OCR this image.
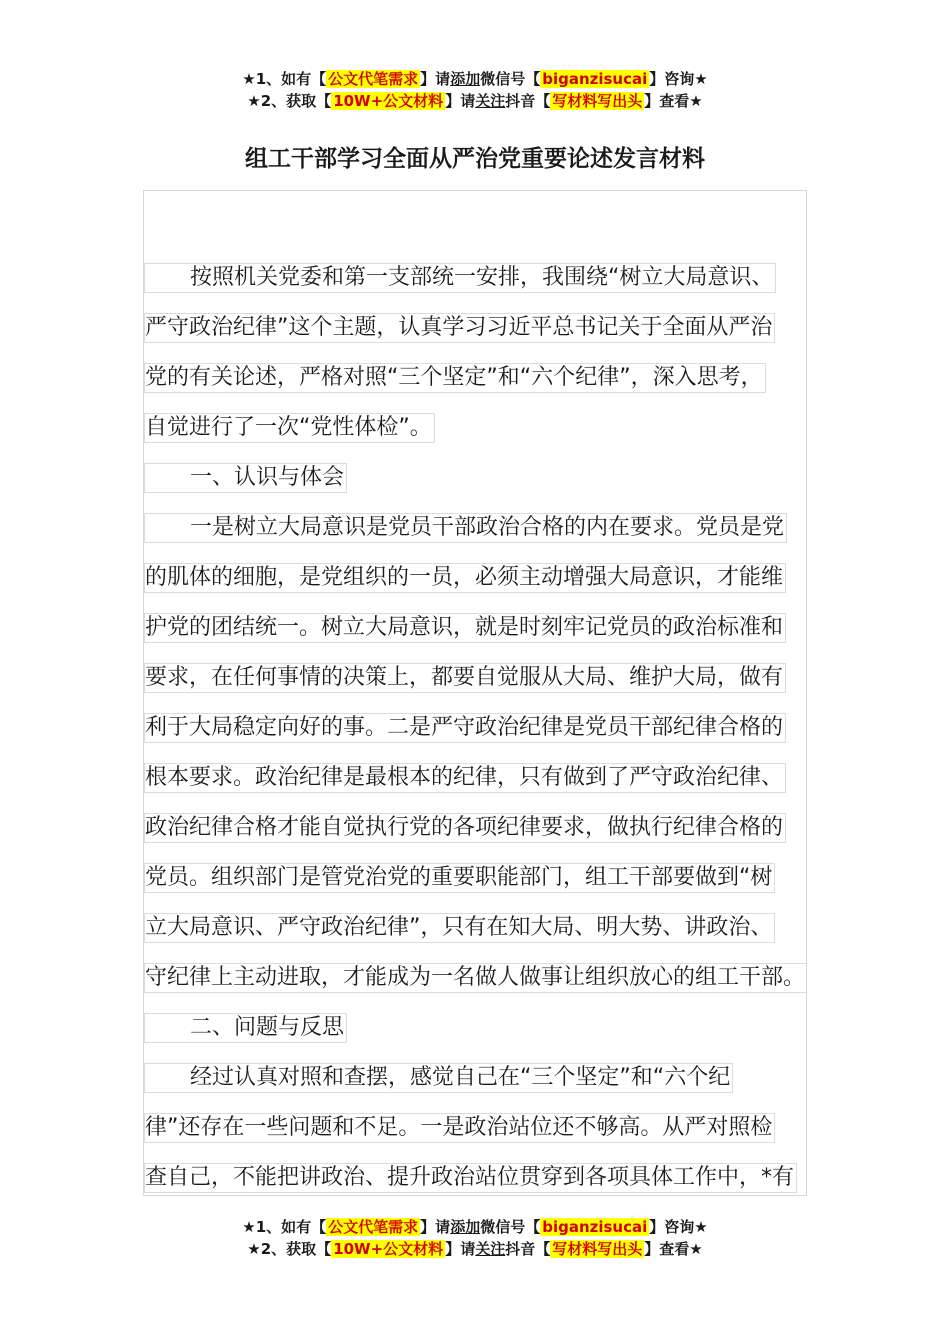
★1、如有【 公文代笔需求 】请添加微信号【 biganzisucai 】咨询★
★2、获取【 10W+公文材料 】请关注抖音【 写材料写出头 】查看★
组工干部学习全面从严治党重要论述发言材料
按照机关党委和第一支部统一安排，我围绕“树立大局意识、
严守政治纪律”这个主题，认真学习习近平总书记关于全面从严治
党的有关论述，严格对照“三个坚定”和“六个纪律”，深入思考，
自觉进行了一次“党性体检”。
一、认识与体会
一是树立大局意识是党员干部政治合格的内在要求。党员是党
的肌体的细胞，是党组织的一员，必须主动增强大局意识，才能维
护党的团结统一。树立大局意识，就是时刻牢记党员的政治标准和
要求，在任何事情的决策上，都要自觉服从大局、维护大局，做有
利于大局稳定向好的事。二是严守政治纪律是党员干部纪律合格的
根本要求。政治纪律是最根本的纪律，只有做到了严守政治纪律、
政治纪律合格才能自觉执行党的各项纪律要求，做执行纪律合格的
党员。组织部门是管党治党的重要职能部门，组工干部要做到“树
立大局意识、严守政治纪律”，只有在知大局、明大势、讲政治、
守纪律上主动进取，才能成为一名做人做事让组织放心的组工干部。
二、问题与反思
经过认真对照和查摆，感觉自己在“三个坚定”和“六个纪
律”还存在一些问题和不足。一是政治站位还不够高。从严对照检
查自己，不能把讲政治、提升政治站位贯穿到各项具体工作中，*有
★1、如有【 公文代笔需求 】请添加微信号【 biganzisucai 】咨询★
★2、获取【 10W+公文材料 】请关注抖音【 写材料写出头 】查看★
